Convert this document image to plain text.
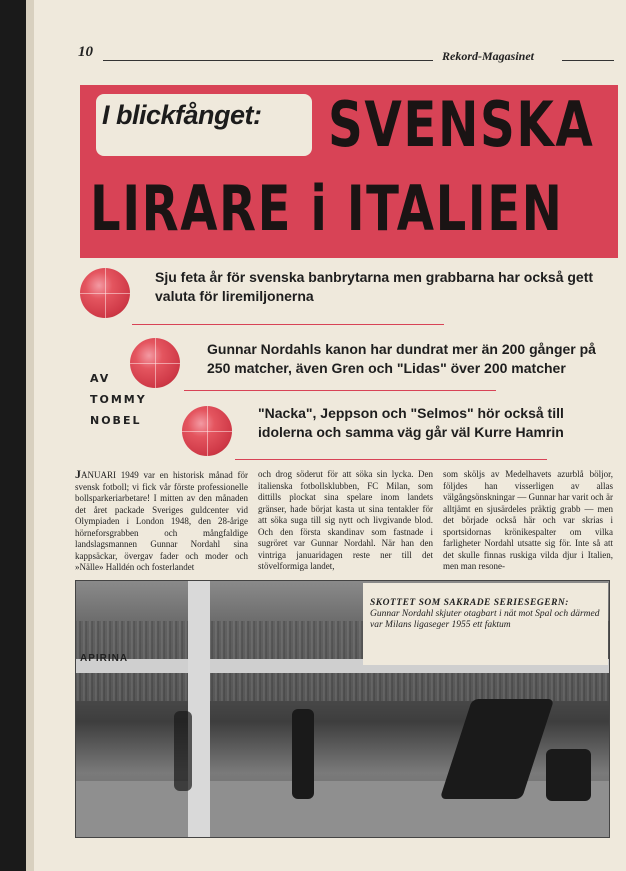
10	Rekord-Magasinet
I blickfånget: SVENSKA
LIRARE i ITALIEN
Sju feta år för svenska banbrytarna men grabbarna har också gett valuta för liremiljonerna
Gunnar Nordahls kanon har dundrat mer än 200 gånger på 250 matcher, även Gren och "Lidas" över 200 matcher
AV
TOMMY
NOBEL	"Nacka", Jeppson och "Selmos" hör också till idolerna och samma väg går väl Kurre Hamrin
JANUARI 1949 var en historisk månad för svensk fotboll; vi fick vår förste professionelle bollsparkeriarbetare! I mitten av den månaden det året packade Sveriges guldcenter vid Olympiaden i London 1948, den 28-årige hörneforsgrabben och mångfaldige landslagsmannen Gunnar Nordahl sina kappsäckar, övergav fader och moder och »Nälle» Halldén och fosterlandet
och drog söderut för att söka sin lycka. Den italienska fotbollsklubben, FC Milan, som dittills plockat sina spelare inom landets gränser, hade börjat kasta ut sina tentakler för att söka suga till sig nytt och livgivande blod. Och den första skandinav som fastnade i sugröret var Gunnar Nordahl. När han den vintriga januaridagen reste ner till det stövelformiga landet,
som sköljs av Medelhavets azurblå böljor, följdes han visserligen av allas välgångsönskningar — Gunnar har varit och är alltjämt en sjusärdeles präktig grabb — men det började också här och var skrias i sportsidornas krönikespalter om vilka farligheter Nordahl utsatte sig för. Inte så att det skulle finnas ruskiga vilda djur i Italien, men man resone-
APIRINA
SKOTTET SOM SAKRADE SERIESEGERN:
Gunnar Nordahl skjuter otagbart i nät mot Spal och därmed var Milans ligaseger 1955 ett faktum
